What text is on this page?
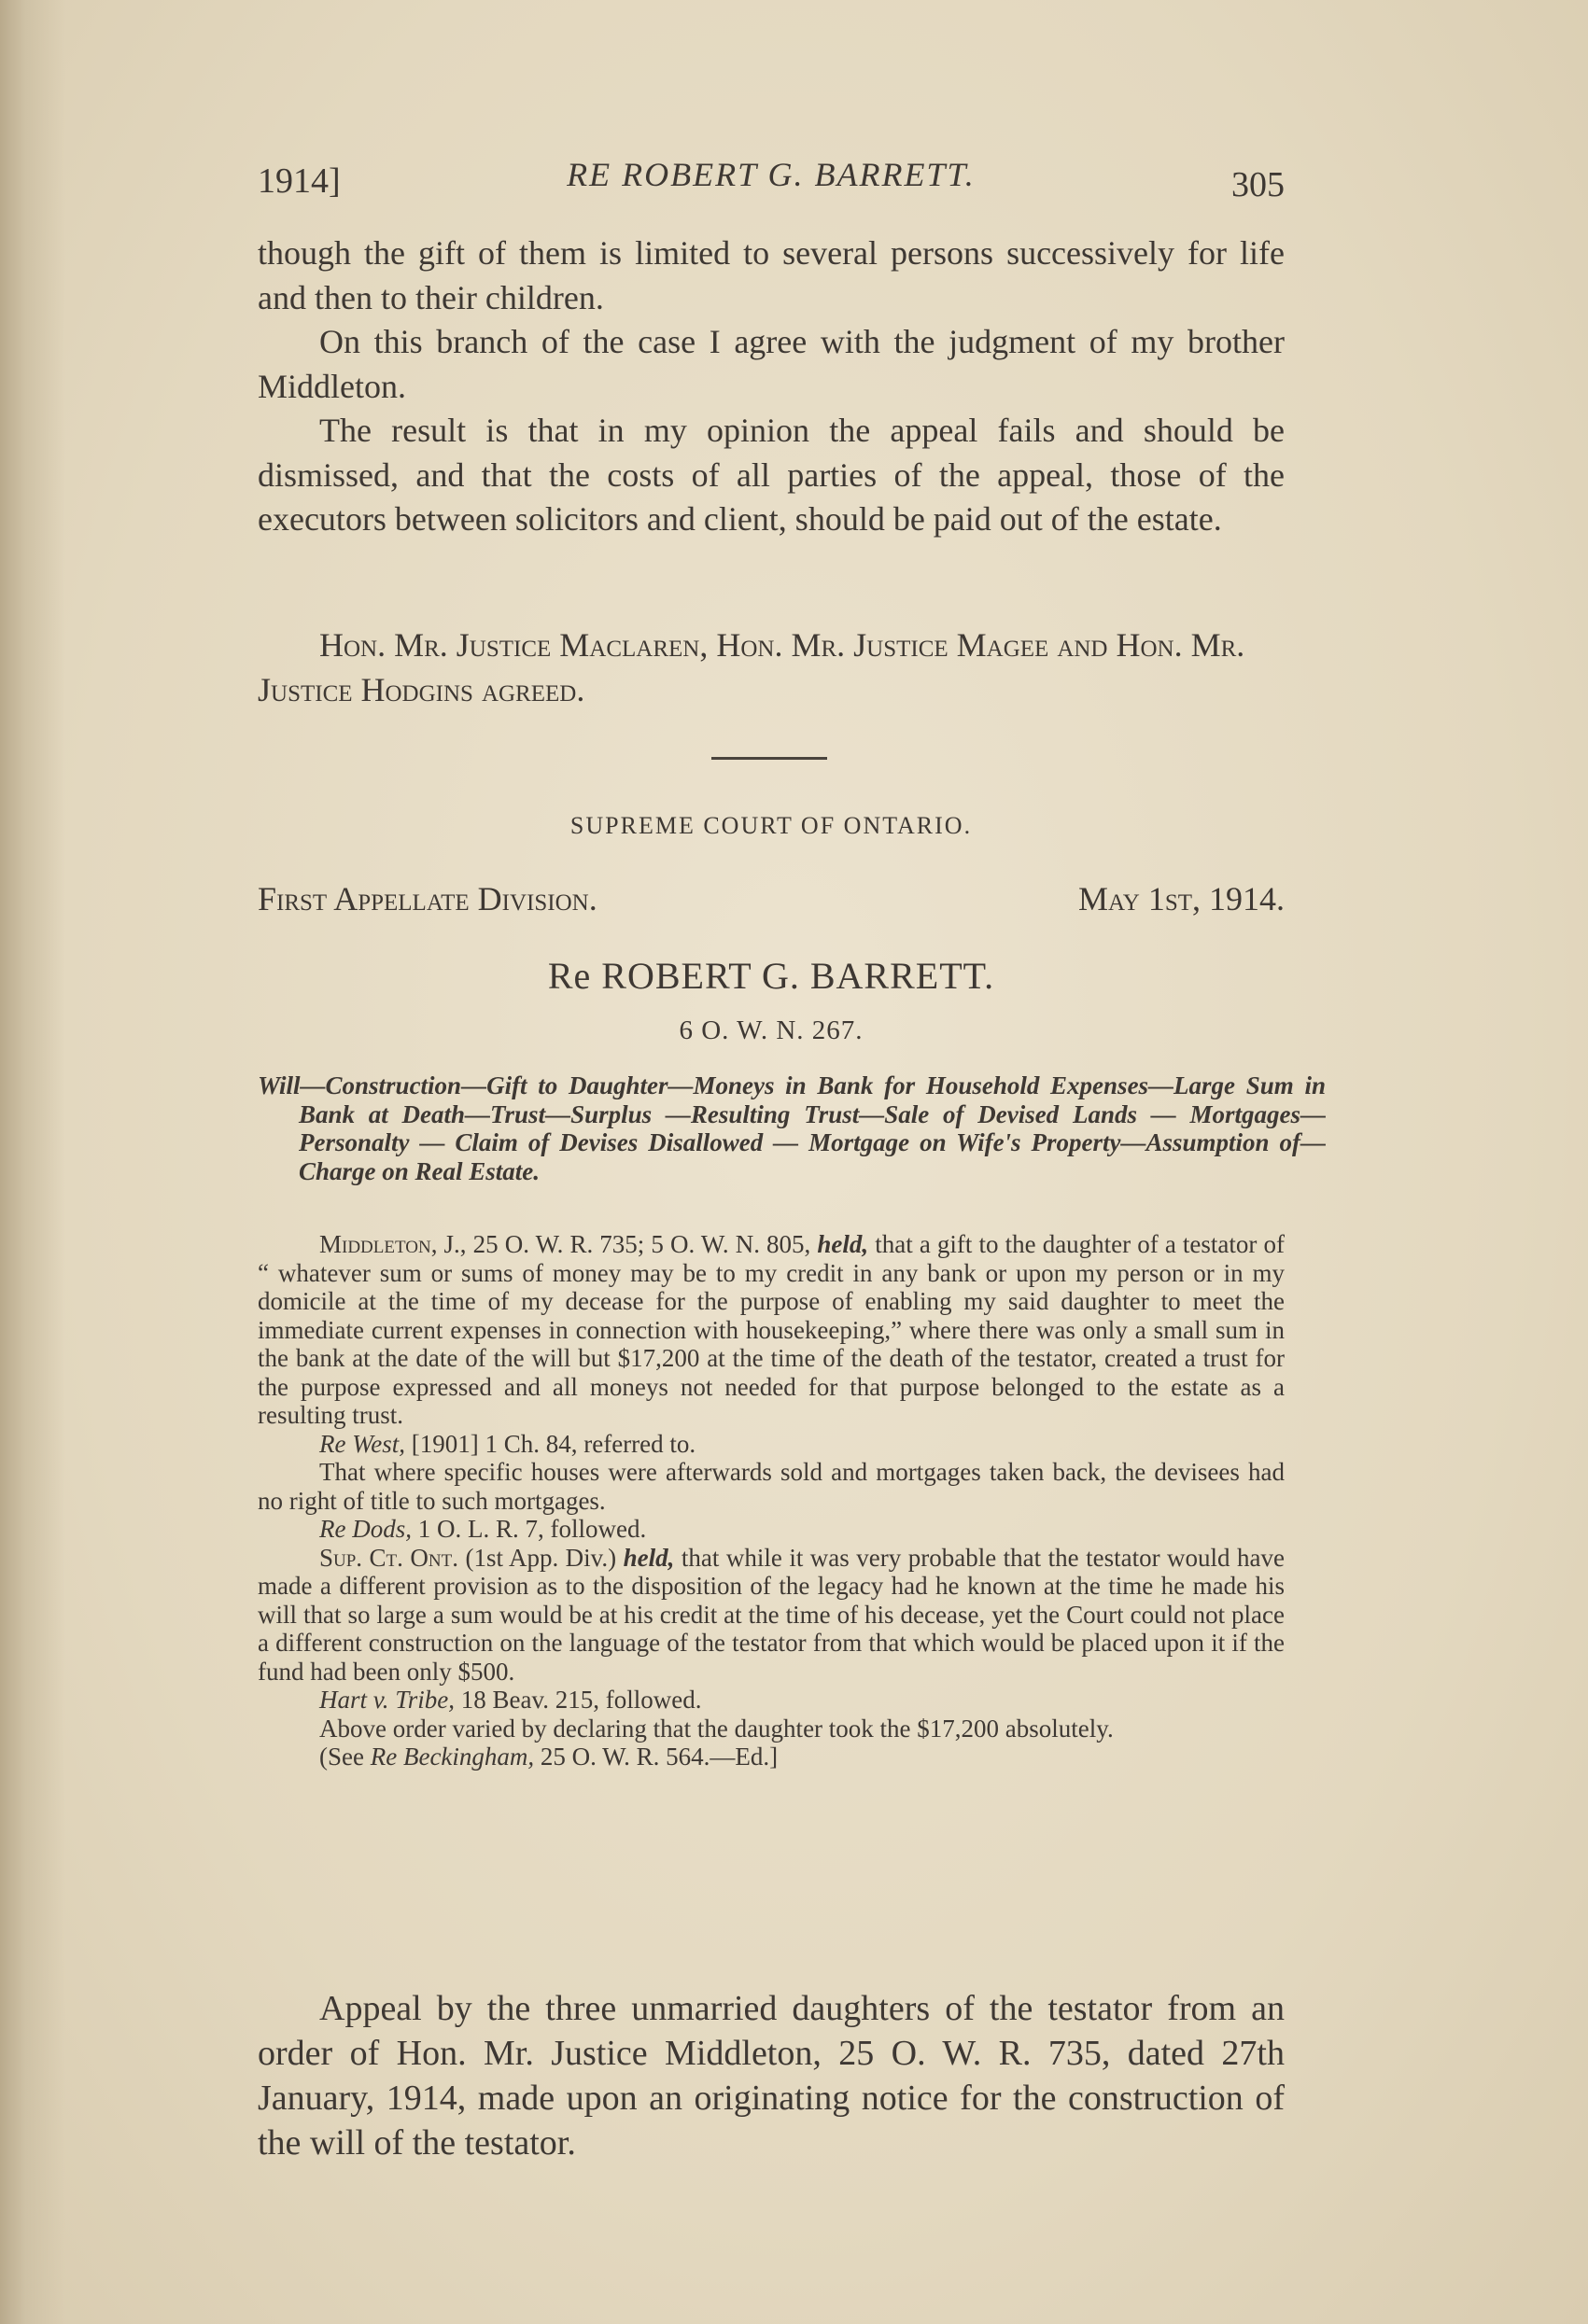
1914]	RE ROBERT G. BARRETT.	305

though the gift of them is limited to several persons successively for life and then to their children.

On this branch of the case I agree with the judgment of my brother Middleton.

The result is that in my opinion the appeal fails and should be dismissed, and that the costs of all parties of the appeal, those of the executors between solicitors and client, should be paid out of the estate.

Hon. Mr. Justice Maclaren, Hon. Mr. Justice Magee and Hon. Mr. Justice Hodgins agreed.
SUPREME COURT OF ONTARIO.
First Appellate Division.	May 1st, 1914.
Re ROBERT G. BARRETT.
6 O. W. N. 267.
Will—Construction—Gift to Daughter—Moneys in Bank for Household Expenses—Large Sum in Bank at Death—Trust—Surplus —Resulting Trust—Sale of Devised Lands — Mortgages—Personalty — Claim of Devises Disallowed — Mortgage on Wife's Property—Assumption of—Charge on Real Estate.

Middleton, J., 25 O. W. R. 735; 5 O. W. N. 805, held, that a gift to the daughter of a testator of “ whatever sum or sums of money may be to my credit in any bank or upon my person or in my domicile at the time of my decease for the purpose of enabling my said daughter to meet the immediate current expenses in connection with housekeeping,” where there was only a small sum in the bank at the date of the will but $17,200 at the time of the death of the testator, created a trust for the purpose expressed and all moneys not needed for that purpose belonged to the estate as a resulting trust.

Re West, [1901] 1 Ch. 84, referred to.

That where specific houses were afterwards sold and mortgages taken back, the devisees had no right of title to such mortgages.

Re Dods, 1 O. L. R. 7, followed.

Sup. Ct. Ont. (1st App. Div.) held, that while it was very probable that the testator would have made a different provision as to the disposition of the legacy had he known at the time he made his will that so large a sum would be at his credit at the time of his decease, yet the Court could not place a different construction on the language of the testator from that which would be placed upon it if the fund had been only $500.

Hart v. Tribe, 18 Beav. 215, followed.

Above order varied by declaring that the daughter took the $17,200 absolutely.

(See Re Beckingham, 25 O. W. R. 564.—Ed.]

Appeal by the three unmarried daughters of the testator from an order of Hon. Mr. Justice Middleton, 25 O. W. R. 735, dated 27th January, 1914, made upon an originating notice for the construction of the will of the testator.
